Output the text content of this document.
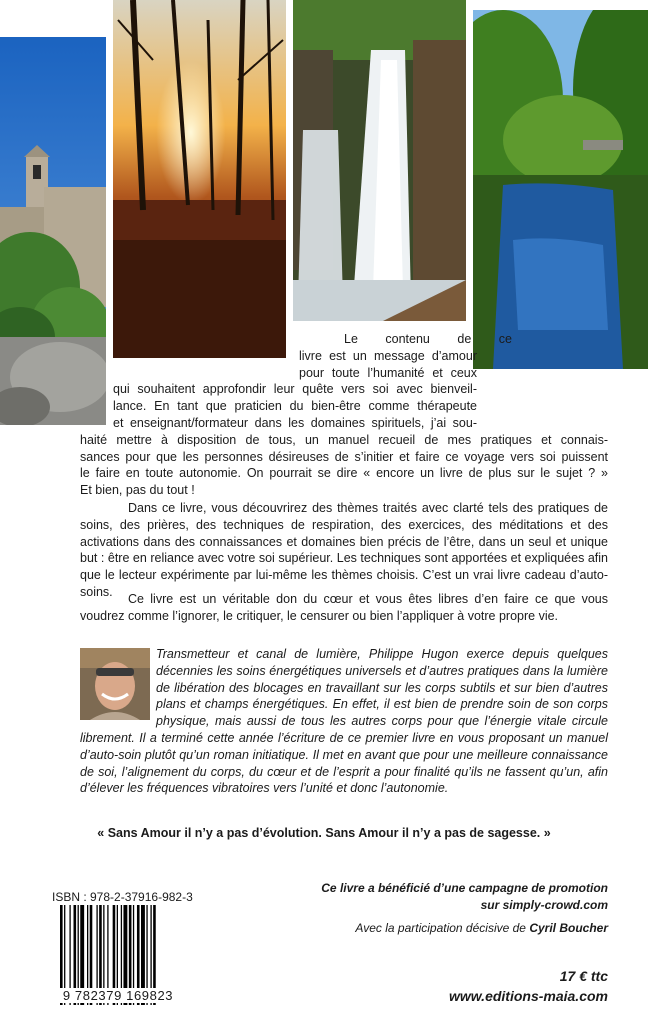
Le contenu de ce
livre est un message d’amour
pour toute l’humanité et ceux
qui souhaitent approfondir leur quête vers soi avec bienveil-
lance. En tant que praticien du bien-être comme thérapeute
et enseignant/formateur dans les domaines spirituels, j’ai sou-
haité mettre à disposition de tous, un manuel recueil de mes pratiques et connais-
sances pour que les personnes désireuses de s’initier et faire ce voyage vers soi puissent
le faire en toute autonomie. On pourrait se dire « encore un livre de plus sur le sujet ? »
Et bien, pas du tout !

Dans ce livre, vous découvrirez des thèmes traités avec clarté tels des pratiques de soins, des prières, des techniques de respiration, des exercices, des méditations et des activations dans des connaissances et domaines bien précis de l’être, dans un seul et unique but : être en reliance avec votre soi supérieur. Les techniques sont apportées et expliquées afin que le lecteur expérimente par lui-même les thèmes choisis. C’est un vrai livre cadeau d’auto-soins.

Ce livre est un véritable don du cœur et vous êtes libres d’en faire ce que vous voudrez comme l’ignorer, le critiquer, le censurer ou bien l’appliquer à votre propre vie.

Transmetteur et canal de lumière, Philippe Hugon exerce depuis quelques décennies les soins énergétiques universels et d’autres pratiques dans la lumière de libération des blocages en travaillant sur les corps subtils et sur bien d’autres plans et champs énergétiques. En effet, il est bien de prendre soin de son corps physique, mais aussi de tous les autres corps pour que l’énergie vitale circule librement. Il a terminé cette année l’écriture de ce premier livre en vous proposant un manuel d’auto-soin plutôt qu’un roman initiatique. Il met en avant que pour une meilleure connaissance de soi, l’alignement du corps, du cœur et de l’esprit a pour finalité qu’ils ne fassent qu’un, afin d’élever les fréquences vibratoires vers l’unité et donc l’autonomie.

« Sans Amour il n’y a pas d’évolution. Sans Amour il n’y a pas de sagesse. »

ISBN : 978-2-37916-982-3

9 782379 169823
Ce livre a bénéficié d’une campagne de promotion
sur simply-crowd.com

Avec la participation décisive de Cyril Boucher

17 € ttc

www.editions-maia.com
